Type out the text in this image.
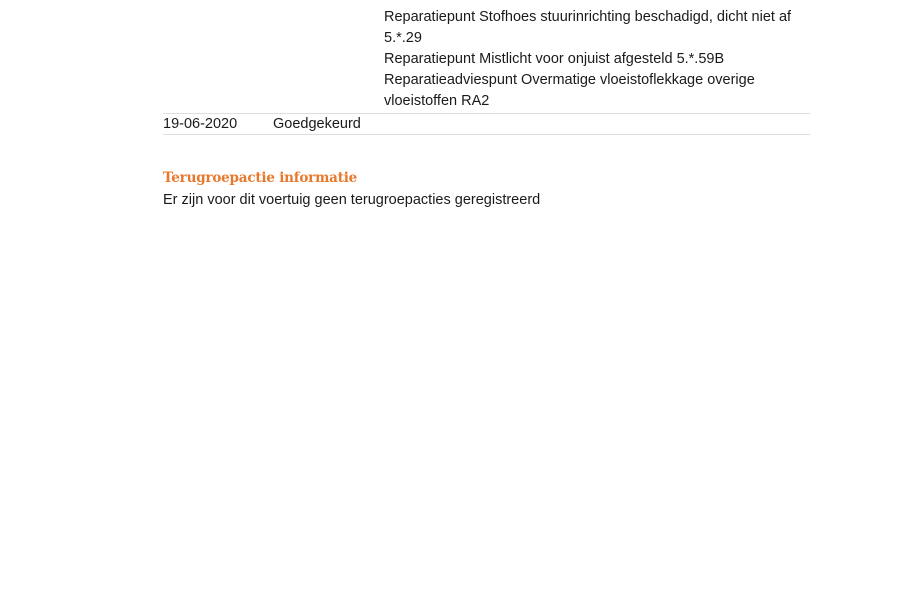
Reparatiepunt Stofhoes stuurinrichting beschadigd, dicht niet af 5.*.29
Reparatiepunt Mistlicht voor onjuist afgesteld 5.*.59B
Reparatieadviespunt Overmatige vloeistoflekkage overige vloeistoffen RA2
19-06-2020 Goedgekeurd
Terugroepactie informatie
Er zijn voor dit voertuig geen terugroepacties geregistreerd
